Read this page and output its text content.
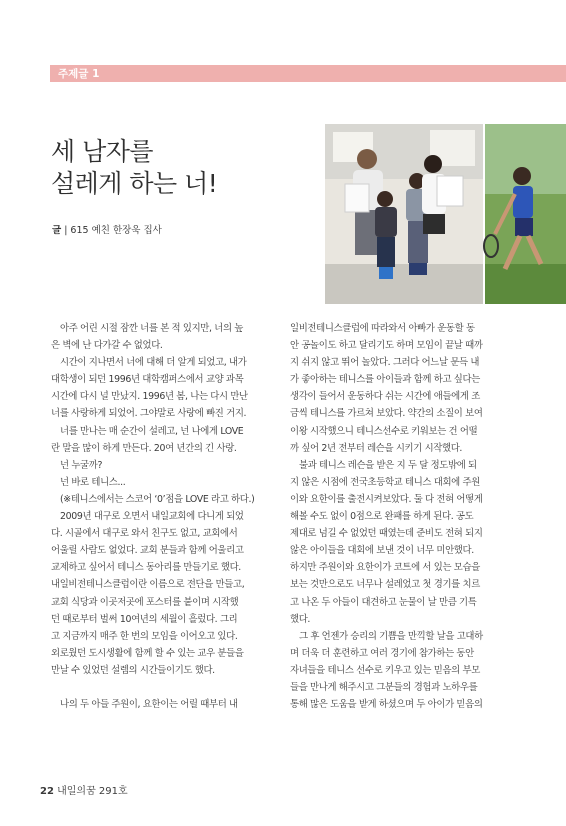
주제글 1
세 남자를
설레게 하는 너!
글 | 615 예친 한장욱 집사
아주 어린 시절 잠깐 너를 본 적 있지만, 너의 높
은 벽에 난 다가갈 수 없었다.
시간이 지나면서 너에 대해 더 알게 되었고, 내가
대학생이 되던 1996년 대학캠퍼스에서 교양 과목
시간에 다시 널 만났지. 1996년 봄, 나는 다시 만난
너를 사랑하게 되었어. 그야말로 사랑에 빠진 거지.
너를 만나는 매 순간이 설레고, 넌 나에게 LOVE
란 말을 많이 하게 만든다. 20여 년간의 긴 사랑.
넌 누굴까?
넌 바로 테니스...
(※테니스에서는 스코어 ‘0’점을 LOVE 라고 하다.)
2009년 대구로 오면서 내일교회에 다니게 되었
다. 시골에서 대구로 와서 친구도 없고, 교회에서
어울릴 사람도 없었다. 교회 분들과 함께 어울리고
교제하고 싶어서 테니스 동아리를 만들기로 했다.
내일비전테니스클럽이란 이름으로 전단을 만들고,
교회 식당과 이곳저곳에 포스터를 붙이며 시작했
던 때로부터 벌써 10여년의 세월이 흘렀다. 그리
고 지금까지 매주 한 번의 모임을 이어오고 있다.
외로웠던 도시생활에 함께 할 수 있는 교우 분들을
만날 수 있었던 설렘의 시간들이기도 했다.
나의 두 아들 주원이, 요한이는 어릴 때부터 내
일비전테니스클럽에 따라와서 아빠가 운동할 동
안 공놀이도 하고 달리기도 하며 모임이 끝날 때까
지 쉬지 않고 뛰어 놀았다. 그러다 어느날 문득 내
가 좋아하는 테니스를 아이들과 함께 하고 싶다는
생각이 들어서 운동하다 쉬는 시간에 애들에게 조
금씩 테니스를 가르쳐 보았다. 약간의 소질이 보여
이왕 시작했으니 테니스선수로 키워보는 건 어떨
까 싶어 2년 전부터 레슨을 시키기 시작했다.
불과 테니스 레슨을 받은 지 두 달 정도밖에 되
지 않은 시점에 전국초등학교 테니스 대회에 주원
이와 요한이를 출전시켜보았다. 둘 다 전혀 어떻게
해볼 수도 없이 0점으로 완패를 하게 된다. 공도
제대로 넘길 수 없었던 때였는데 준비도 전혀 되지
않은 아이들을 대회에 보낸 것이 너무 미안했다.
하지만 주원이와 요한이가 코트에 서 있는 모습을
보는 것만으로도 너무나 설레었고 첫 경기를 치르
고 나온 두 아들이 대견하고 눈물이 날 만큼 기특
했다.
그 후 언젠가 승리의 기쁨을 만끽할 날을 고대하
며 더욱 더 훈련하고 여러 경기에 참가하는 동안
자녀들을 테니스 선수로 키우고 있는 믿음의 부모
들을 만나게 해주시고 그분들의 경험과 노하우를
통해 많은 도움을 받게 하셨으며 두 아이가 믿음의
22 내일의꿈 291호
